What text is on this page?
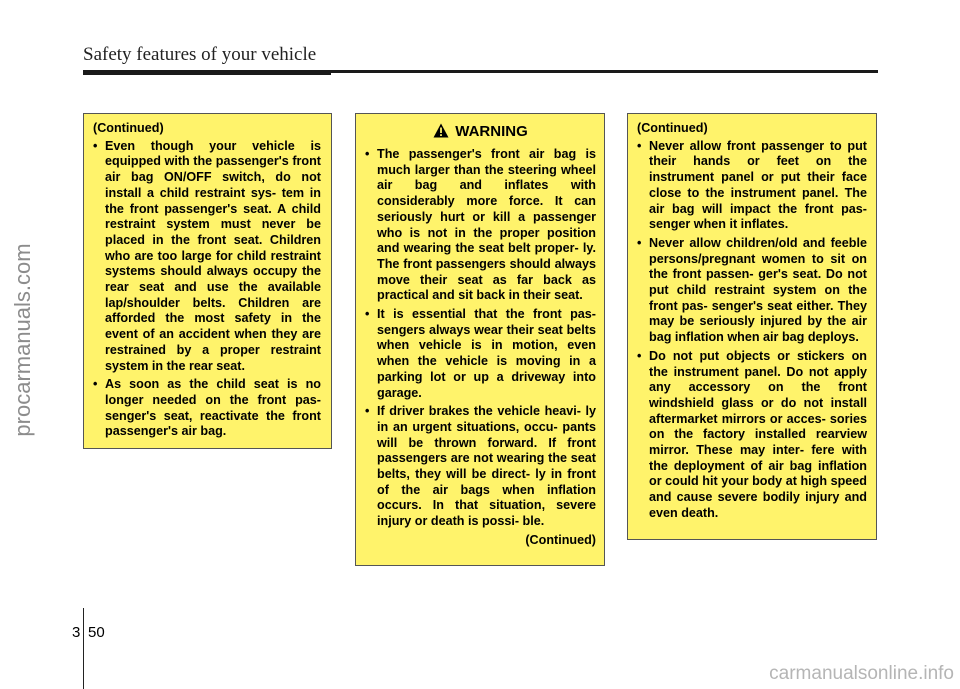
Safety features of your vehicle
procarmanuals.com
(Continued)
• Even though your vehicle is equipped with the passenger's front air bag ON/OFF switch, do not install a child restraint sys- tem in the front passenger's seat. A child restraint system must never be placed in the front seat. Children who are too large for child restraint systems should always occupy the rear seat and use the available lap/shoulder belts. Children are afforded the most safety in the event of an accident when they are restrained by a proper restraint system in the rear seat.
• As soon as the child seat is no longer needed on the front pas- senger's seat, reactivate the front passenger's air bag.
WARNING
• The passenger's front air bag is much larger than the steering wheel air bag and inflates with considerably more force. It can seriously hurt or kill a passenger who is not in the proper position and wearing the seat belt proper- ly. The front passengers should always move their seat as far back as practical and sit back in their seat.
• It is essential that the front pas- sengers always wear their seat belts when vehicle is in motion, even when the vehicle is moving in a parking lot or up a driveway into garage.
• If driver brakes the vehicle heavi- ly in an urgent situations, occu- pants will be thrown forward. If front passengers are not wearing the seat belts, they will be direct- ly in front of the air bags when inflation occurs. In that situation, severe injury or death is possi- ble.
(Continued)
(Continued)
• Never allow front passenger to put their hands or feet on the instrument panel or put their face close to the instrument panel. The air bag will impact the front pas- senger when it inflates.
• Never allow children/old and feeble persons/pregnant women to sit on the front passen- ger's seat. Do not put child restraint system on the front pas- senger's seat either. They may be seriously injured by the air bag inflation when air bag deploys.
• Do not put objects or stickers on the instrument panel. Do not apply any accessory on the front windshield glass or do not install aftermarket mirrors or acces- sories on the factory installed rearview mirror. These may inter- fere with the deployment of air bag inflation or could hit your body at high speed and cause severe bodily injury and even death.
3 50
carmanualsonline.info
